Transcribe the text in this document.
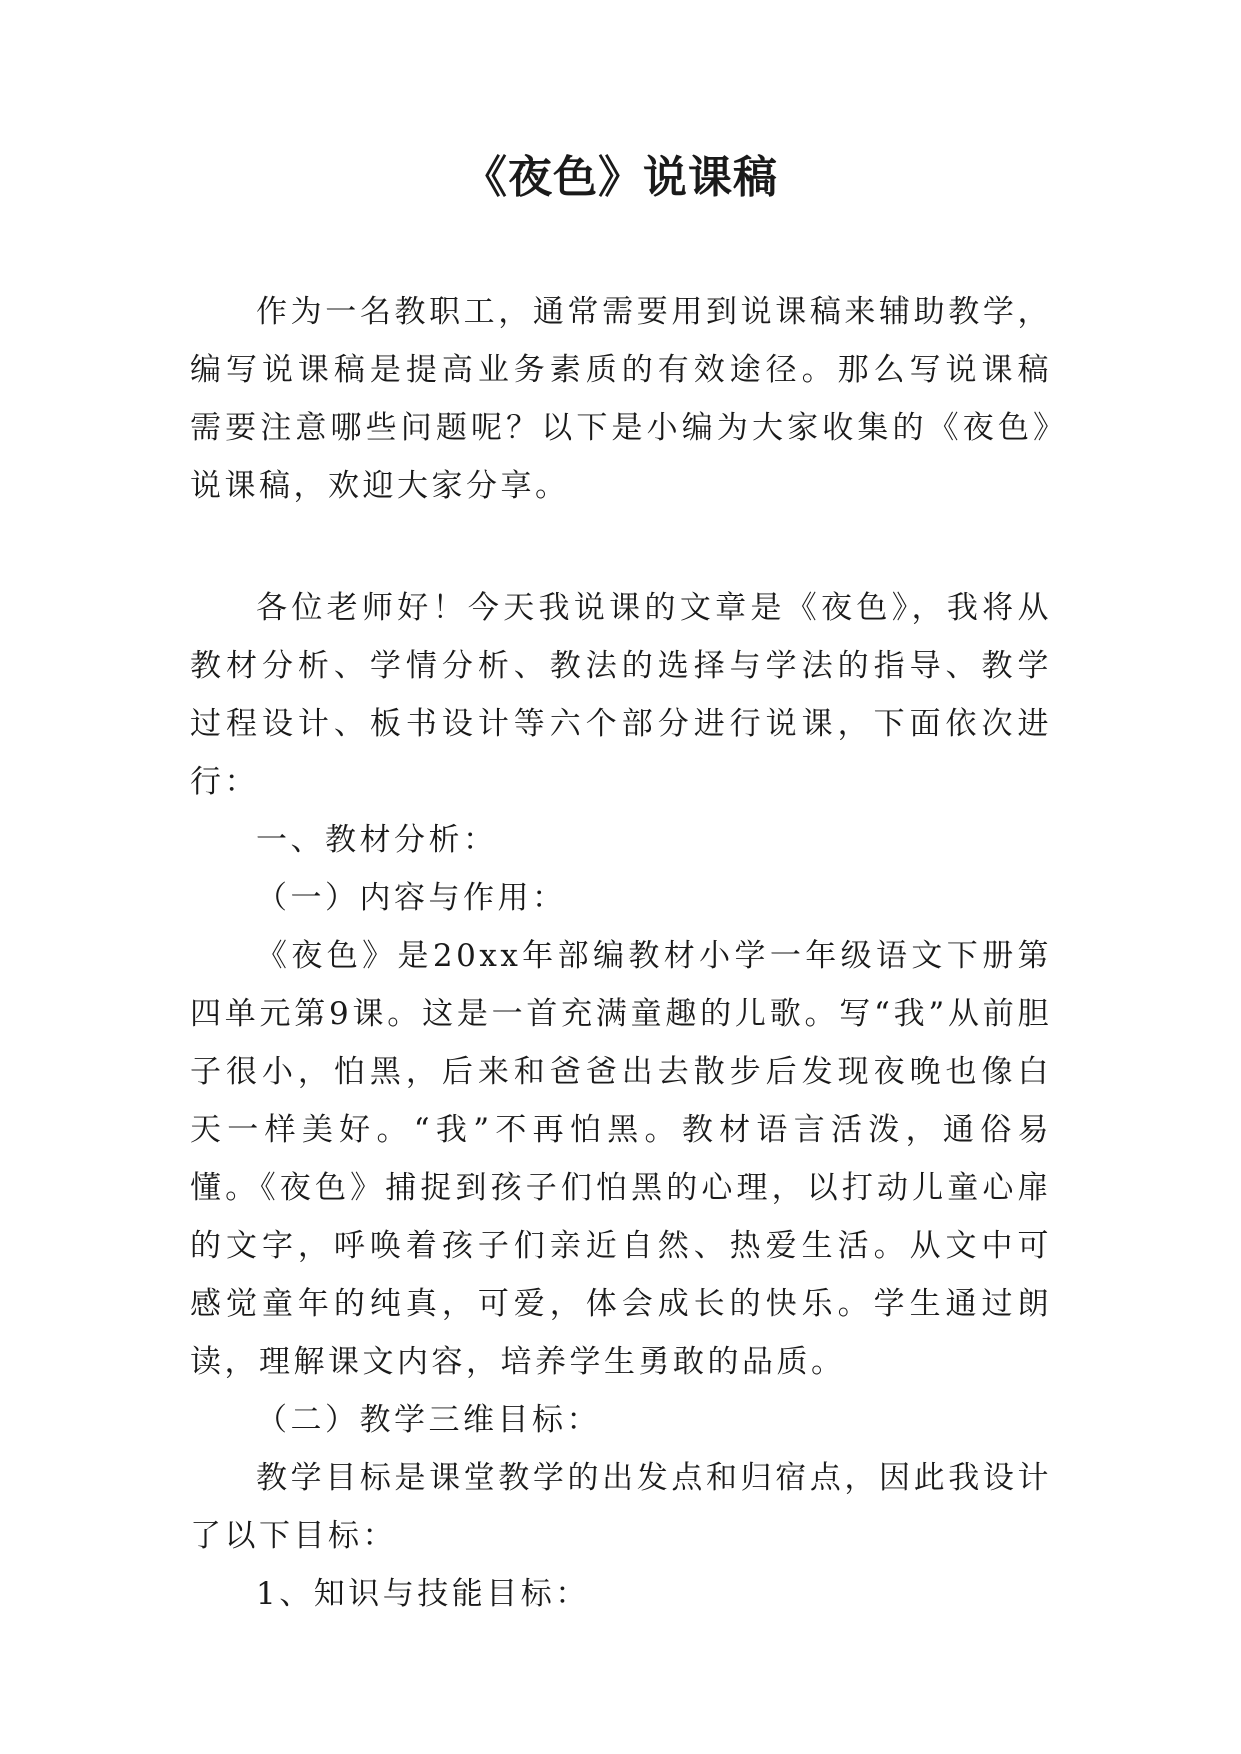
《夜色》说课稿

作为一名教职工，通常需要用到说课稿来辅助教学，编写说课稿是提高业务素质的有效途径。那么写说课稿需要注意哪些问题呢？以下是小编为大家收集的《夜色》说课稿，欢迎大家分享。

各位老师好！今天我说课的文章是《夜色》，我将从教材分析、学情分析、教法的选择与学法的指导、教学过程设计、板书设计等六个部分进行说课，下面依次进行：

一、教材分析：

（一）内容与作用：

《夜色》是20xx年部编教材小学一年级语文下册第四单元第9课。这是一首充满童趣的儿歌。写“我”从前胆子很小，怕黑，后来和爸爸出去散步后发现夜晚也像白天一样美好。“我”不再怕黑。教材语言活泼，通俗易懂。《夜色》捕捉到孩子们怕黑的心理，以打动儿童心扉的文字，呼唤着孩子们亲近自然、热爱生活。从文中可感觉童年的纯真，可爱，体会成长的快乐。学生通过朗读，理解课文内容，培养学生勇敢的品质。

（二）教学三维目标：

教学目标是课堂教学的出发点和归宿点，因此我设计了以下目标：

1、知识与技能目标：
